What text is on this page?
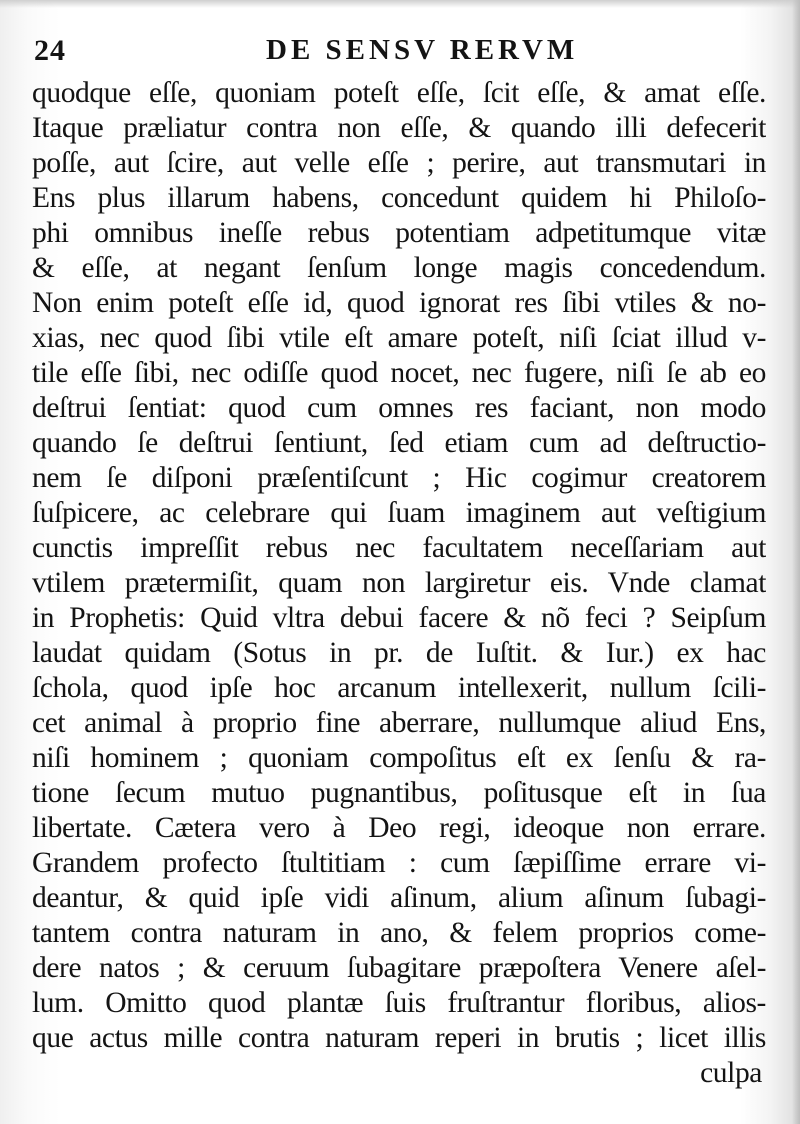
24	DE SENSV RERVM
quodque eſſe, quoniam poteſt eſſe, ſcit eſſe, & amat eſſe.
Itaque præliatur contra non eſſe, & quando illi defecerit
poſſe, aut ſcire, aut velle eſſe ; perire, aut transmutari in
Ens plus illarum habens, concedunt quidem hi Philoſo-
phi omnibus ineſſe rebus potentiam adpetitumque vitæ
& eſſe, at negant ſenſum longe magis concedendum.
Non enim poteſt eſſe id, quod ignorat res ſibi vtiles & no-
xias, nec quod ſibi vtile eſt amare poteſt, niſi ſciat illud v-
tile eſſe ſibi, nec odiſſe quod nocet, nec fugere, niſi ſe ab eo
deſtrui ſentiat: quod cum omnes res faciant, non modo
quando ſe deſtrui ſentiunt, ſed etiam cum ad deſtructio-
nem ſe diſponi præſentiſcunt ; Hic cogimur creatorem
ſuſpicere, ac celebrare qui ſuam imaginem aut veſtigium
cunctis impreſſit rebus nec facultatem neceſſariam aut
vtilem prætermiſit, quam non largiretur eis. Vnde clamat
in Prophetis: Quid vltra debui facere & nõ feci ? Seipſum
laudat quidam (Sotus in pr. de Iuſtit. & Iur.) ex hac
ſchola, quod ipſe hoc arcanum intellexerit, nullum ſcili-
cet animal à proprio fine aberrare, nullumque aliud Ens,
niſi hominem ; quoniam compoſitus eſt ex ſenſu & ra-
tione ſecum mutuo pugnantibus, poſitusque eſt in ſua
libertate. Cætera vero à Deo regi, ideoque non errare.
Grandem profecto ſtultitiam : cum ſæpiſſime errare vi-
deantur, & quid ipſe vidi aſinum, alium aſinum ſubagi-
tantem contra naturam in ano, & felem proprios come-
dere natos ; & ceruum ſubagitare præpoſtera Venere aſel-
lum. Omitto quod plantæ ſuis fruſtrantur floribus, alios-
que actus mille contra naturam reperi in brutis ; licet illis
culpa
